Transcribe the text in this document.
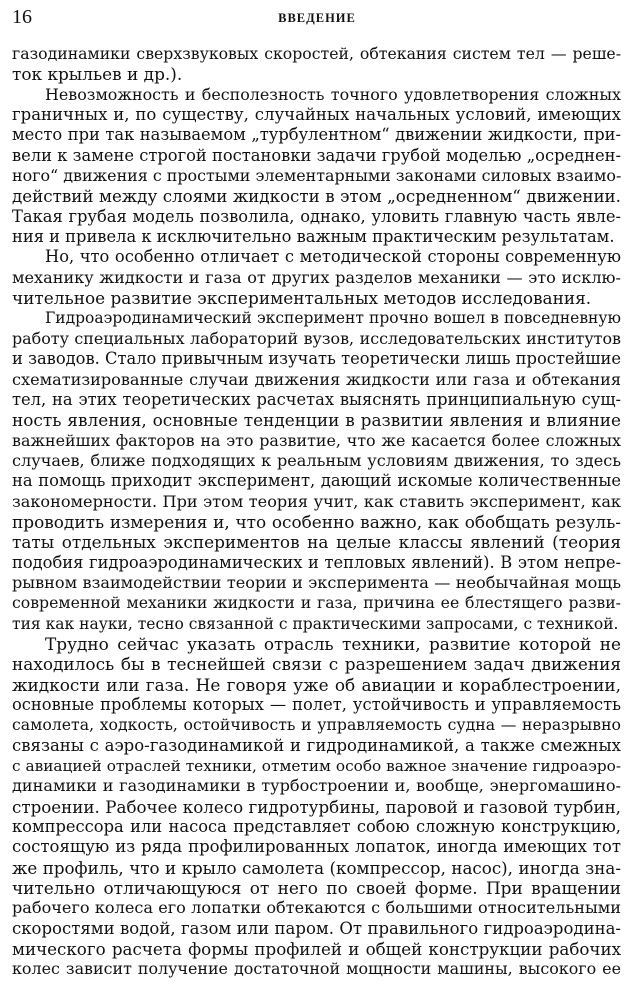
16	ВВЕДЕНИЕ
газодинамики сверхзвуковых скоростей, обтекания систем тел — реше-
ток крыльев и др.).
Невозможность и бесполезность точного удовлетворения сложных
граничных и, по существу, случайных начальных условий, имеющих
место при так называемом „турбулентном“ движении жидкости, при-
вели к замене строгой постановки задачи грубой моделью „осреднен-
ного“ движения с простыми элементарными законами силовых взаимо-
действий между слоями жидкости в этом „осредненном“ движении.
Такая грубая модель позволила, однако, уловить главную часть явле-
ния и привела к исключительно важным практическим результатам.
Но, что особенно отличает с методической стороны современную
механику жидкости и газа от других разделов механики — это исклю-
чительное развитие экспериментальных методов исследования.
Гидроаэродинамический эксперимент прочно вошел в повседневную
работу специальных лабораторий вузов, исследовательских институтов
и заводов. Стало привычным изучать теоретически лишь простейшие
схематизированные случаи движения жидкости или газа и обтекания
тел, на этих теоретических расчетах выяснять принципиальную сущ-
ность явления, основные тенденции в развитии явления и влияние
важнейших факторов на это развитие, что же касается более сложных
случаев, ближе подходящих к реальным условиям движения, то здесь
на помощь приходит эксперимент, дающий искомые количественные
закономерности. При этом теория учит, как ставить эксперимент, как
проводить измерения и, что особенно важно, как обобщать резуль-
таты отдельных экспериментов на целые классы явлений (теория
подобия гидроаэродинамических и тепловых явлений). В этом непре-
рывном взаимодействии теории и эксперимента — необычайная мощь
современной механики жидкости и газа, причина ее блестящего разви-
тия как науки, тесно связанной с практическими запросами, с техникой.
Трудно сейчас указать отрасль техники, развитие которой не
находилось бы в теснейшей связи с разрешением задач движения
жидкости или газа. Не говоря уже об авиации и кораблестроении,
основные проблемы которых — полет, устойчивость и управляемость
самолета, ходкость, остойчивость и управляемость судна — неразрывно
связаны с аэро-газодинамикой и гидродинамикой, а также смежных
с авиацией отраслей техники, отметим особо важное значение гидроаэро-
динамики и газодинамики в турбостроении и, вообще, энергомашино-
строении. Рабочее колесо гидротурбины, паровой и газовой турбин,
компрессора или насоса представляет собою сложную конструкцию,
состоящую из ряда профилированных лопаток, иногда имеющих тот
же профиль, что и крыло самолета (компрессор, насос), иногда зна-
чительно отличающуюся от него по своей форме. При вращении
рабочего колеса его лопатки обтекаются с большими относительными
скоростями водой, газом или паром. От правильного гидроаэродина-
мического расчета формы профилей и общей конструкции рабочих
колес зависит получение достаточной мощности машины, высокого ее
